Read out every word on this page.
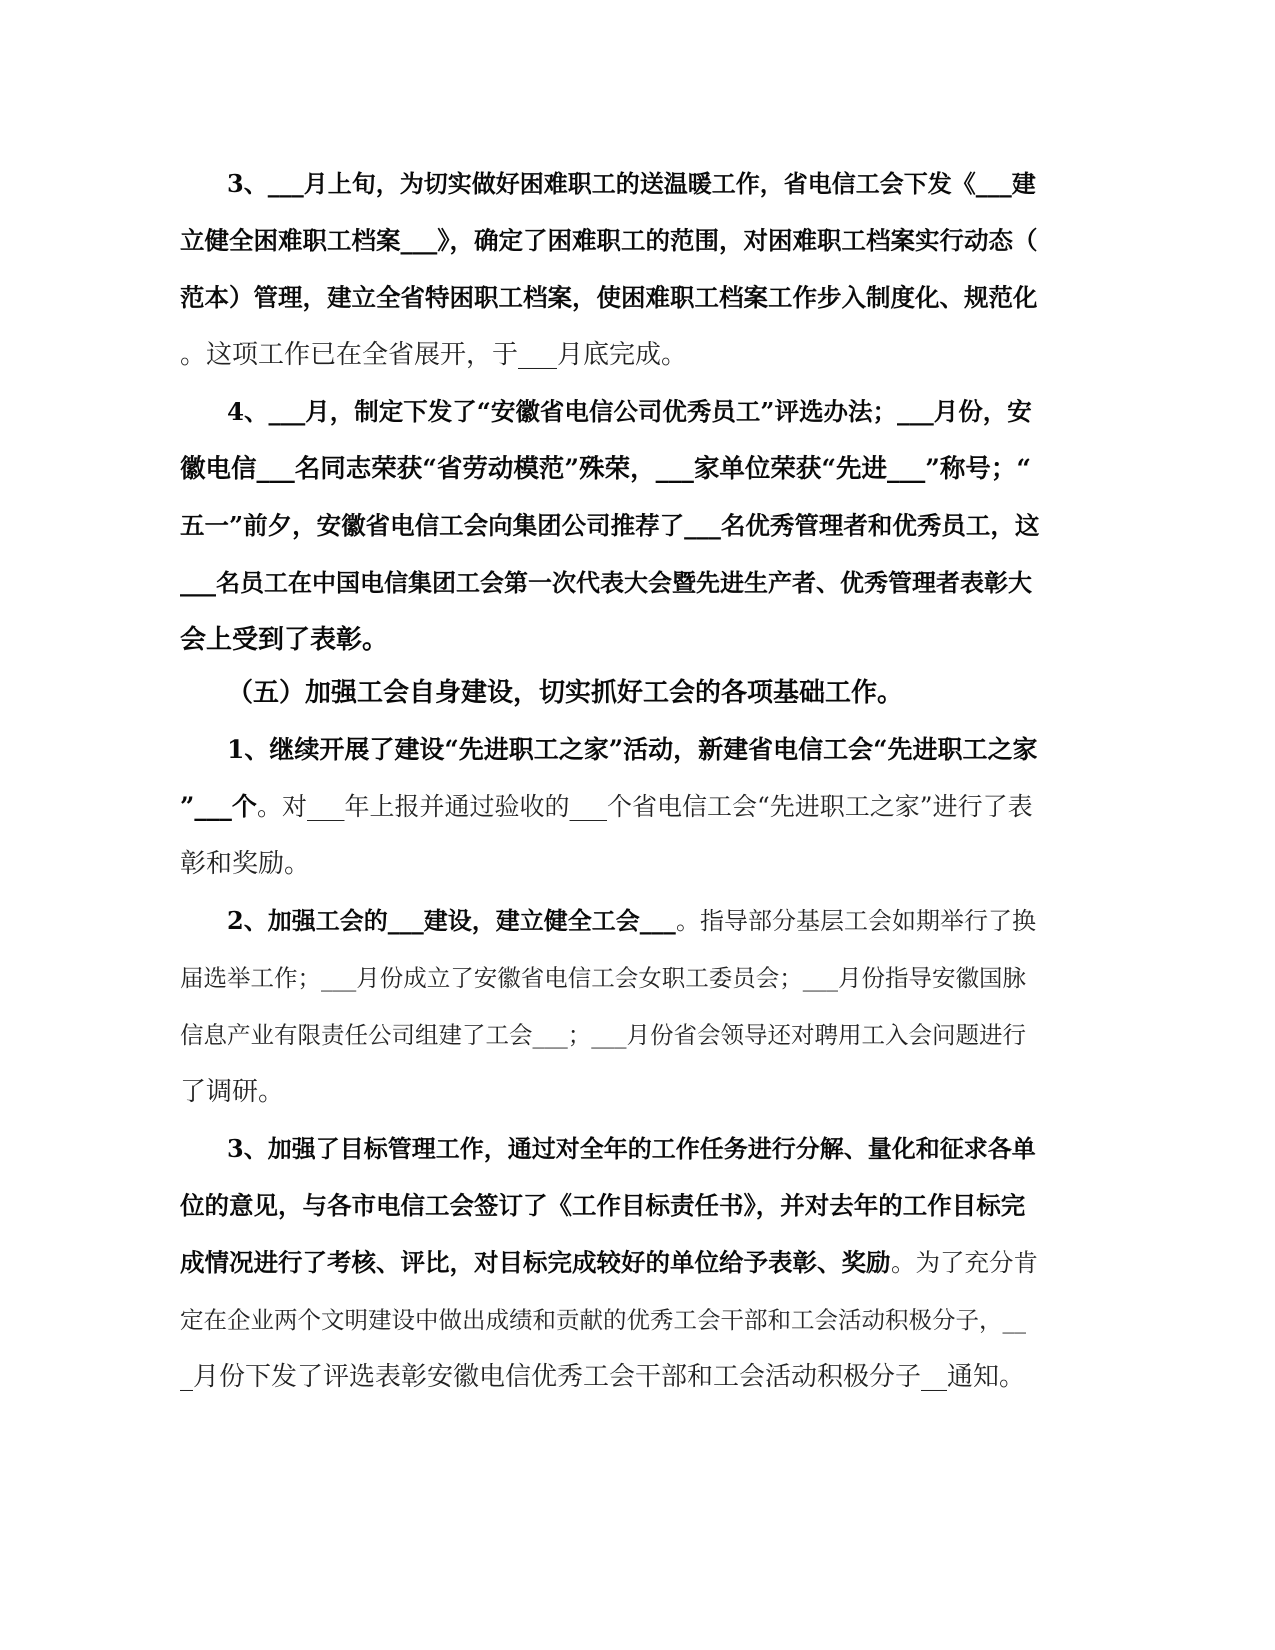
3、___月上旬，为切实做好困难职工的送温暖工作，省电信工会下发《___建
立健全困难职工档案___》，确定了困难职工的范围，对困难职工档案实行动态（
范本）管理，建立全省特困职工档案，使困难职工档案工作步入制度化、规范化
。这项工作已在全省展开，于___月底完成。
4、___月，制定下发了“安徽省电信公司优秀员工”评选办法；___月份，安
徽电信___名同志荣获“省劳动模范”殊荣，___家单位荣获“先进___”称号；“
五一”前夕，安徽省电信工会向集团公司推荐了___名优秀管理者和优秀员工，这
___名员工在中国电信集团工会第一次代表大会暨先进生产者、优秀管理者表彰大
会上受到了表彰。
（五）加强工会自身建设，切实抓好工会的各项基础工作。
1、继续开展了建设“先进职工之家”活动，新建省电信工会“先进职工之家
”___个 。对___年上报并通过验收的___个省电信工会“先进职工之家”进行了表
彰和奖励。
2、加强工会的___建设，建立健全工会___ 。指导部分基层工会如期举行了换
届选举工作；___月份成立了安徽省电信工会女职工委员会；___月份指导安徽国脉
信息产业有限责任公司组建了工会___；___月份省会领导还对聘用工入会问题进行
了调研。
3、加强了目标管理工作，通过对全年的工作任务进行分解、量化和征求各单
位的意见，与各市电信工会签订了《工作目标责任书》，并对去年的工作目标完
成情况进行了考核、评比，对目标完成较好的单位给予表彰、奖励 。为了充分肯
定在企业两个文明建设中做出成绩和贡献的优秀工会干部和工会活动积极分子，__
_月份下发了评选表彰安徽电信优秀工会干部和工会活动积极分子__通知。
